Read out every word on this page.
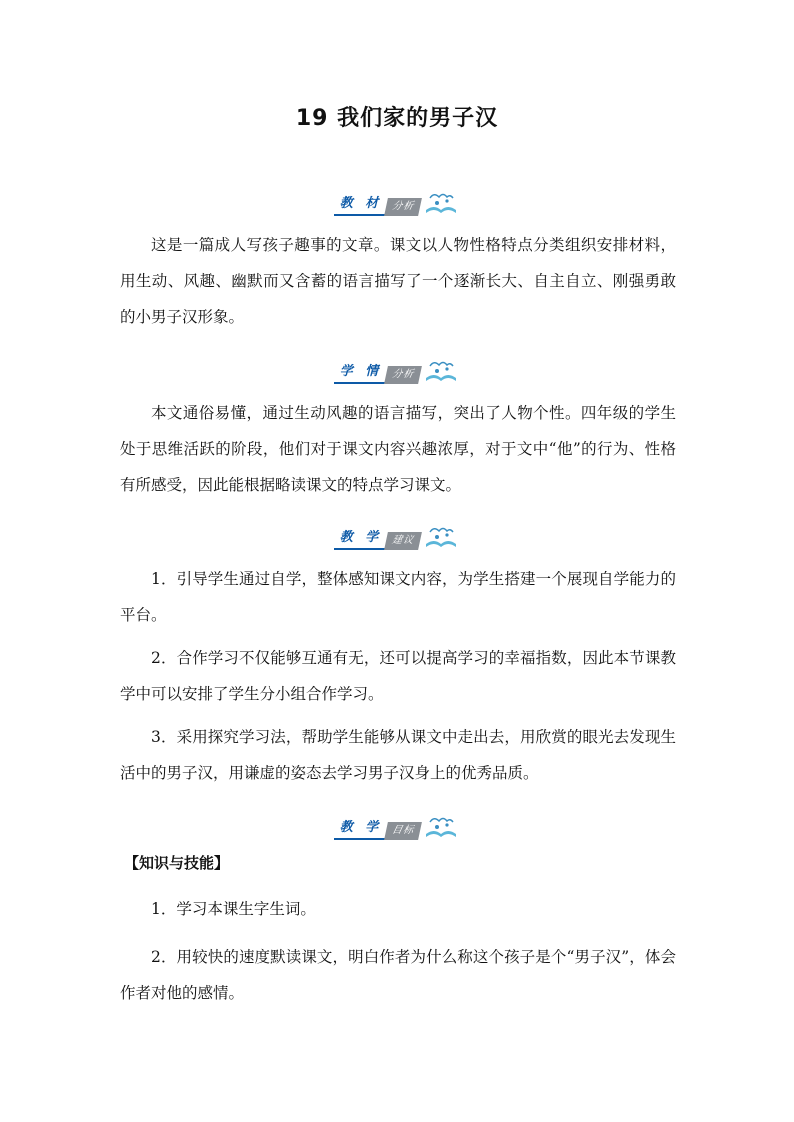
19 我们家的男子汉
教 材 分析

这是一篇成人写孩子趣事的文章。课文以人物性格特点分类组织安排材料，用生动、风趣、幽默而又含蓄的语言描写了一个逐渐长大、自主自立、刚强勇敢的小男子汉形象。

学 情 分析

本文通俗易懂，通过生动风趣的语言描写，突出了人物个性。四年级的学生处于思维活跃的阶段，他们对于课文内容兴趣浓厚，对于文中“他”的行为、性格有所感受，因此能根据略读课文的特点学习课文。

教 学 建议

1．引导学生通过自学，整体感知课文内容，为学生搭建一个展现自学能力的平台。

2．合作学习不仅能够互通有无，还可以提高学习的幸福指数，因此本节课教学中可以安排了学生分小组合作学习。

3．采用探究学习法，帮助学生能够从课文中走出去，用欣赏的眼光去发现生活中的男子汉，用谦虚的姿态去学习男子汉身上的优秀品质。

教 学 目标

【知识与技能】

1．学习本课生字生词。

2．用较快的速度默读课文，明白作者为什么称这个孩子是个“男子汉”，体会作者对他的感情。
